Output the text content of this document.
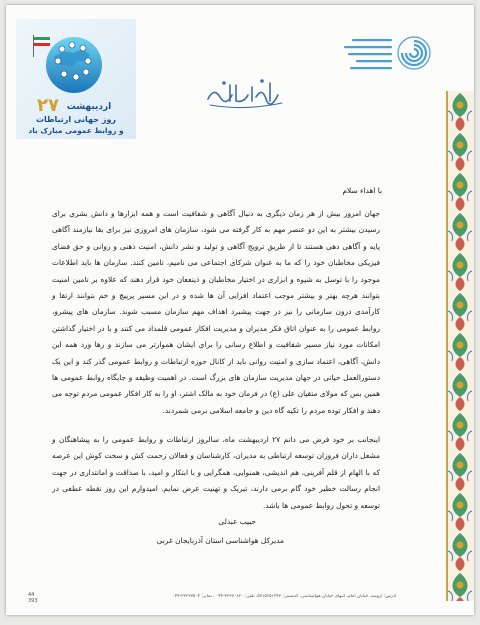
۲۷ اردیبهشت
روز جهانی ارتباطات
و روابط عمومی مبارک باد
با اهداء سلام
جهان امروز بیش از هر زمان دیگری به دنبال آگاهی و شفافیت است و همه ابزارها و دانش بشری برای رسیدن بیشتر به این دو عنصر مهم به کار گرفته می شود، سازمان های امروزی نیز برای بقا نیازمند آگاهی پایه و آگاهی دهی هستند تا از طریق ترویج آگاهی و تولید و نشر دانش، امنیت ذهنی و روانی و حق فضای فیزیکی مخاطبان خود را که ما به عنوان شرکای اجتماعی می نامیم، تامین کنند. سازمان ها باید اطلاعات موجود را با توسل به شیوه و ابزاری در اختیار مخاطبان و ذینفعان خود قرار دهند که علاوه بر تامین امنیت بتوانند هرچه بهتر و بیشتر موجب اعتماد افزایی آن ها شده و در این مسیر پرپیچ و خم بتوانند ارتقا و کارآمدی درون سازمانی را نیز در جهت پیشبرد اهداف مهم سازمان مسبب شوند. سازمان های پیشرو، روابط عمومی را به عنوان اتاق فکر مدیران و مدیریت افکار عمومی قلمداد می کنند و با در اختیار گذاشتن امکانات مورد نیاز مسیر شفافیت و اطلاع رسانی را برای ایشان هموارتر می سازند و رها ورد همه این دانش، آگاهی، اعتماد سازی و امنیت روانی باید از کانال حوزه ارتباطات و روابط عمومی گذر کند و این یک دستورالعمل حیاتی در جهان مدیریت سازمان های بزرگ است. در اهمیت وظیفه و جایگاه روابط عمومی ها همین بس که مولای متقیان علی (ع) در فرمان خود به مالک اشتر، او را به کار افکار عمومی مردم توجه می دهند و افکار توده مردم را تکیه گاه دین و جامعه اسلامی برمی شمردند.
اینجانب بر خود فرض می دانم ۲۷ اردیبهشت ماه، سالروز ارتباطات و روابط عمومی را به پیشاهنگان و مشعل داران فروزان توسعه ارتباطی به مدیران، کارشناسان و فعالان زحمت کش و سخت کوش این عرصه که با الهام از قلم آفرینی، هم اندیشی، همنوایی، همگرایی و با ابتکار و امید، با صداقت و امانتداری در جهت انجام رسالت خطیر خود گام برمی دارند، تبریک و تهنیت عرض نمایم. امیدوارم این روز نقطه عطفی در توسعه و تحول روابط عمومی ها باشد.
حبیب عبدلی
مدیرکل هواشناسی استان آذربایجان غربی
آدرس: ارومیه، خیابان امام، انتهای خیابان هواشناسی، کدپستی: ۵۷۱۵۶۵۱۳۴۳، تلفن: ۳۲۳۷۰۸۲۰-۰۴۴ ، نمابر: ۳۲۲۳۷۵۰۴-۰۴۴
44
393
